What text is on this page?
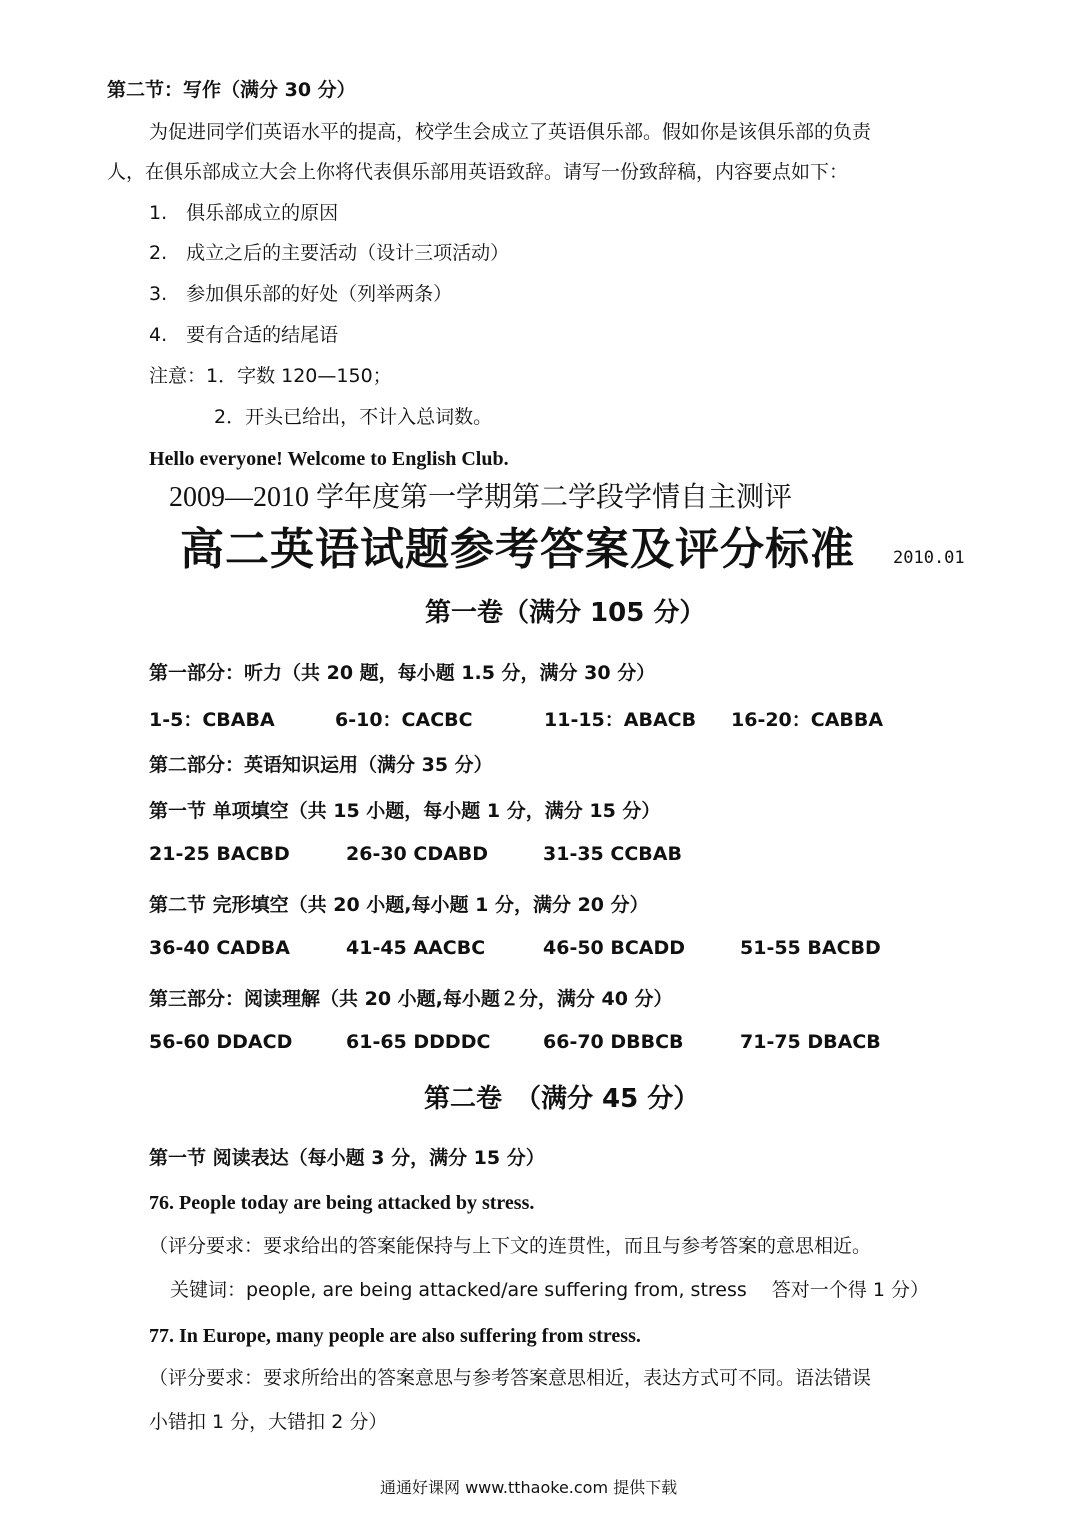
第二节：写作（满分 30 分）
为促进同学们英语水平的提高，校学生会成立了英语俱乐部。假如你是该俱乐部的负责
人，在俱乐部成立大会上你将代表俱乐部用英语致辞。请写一份致辞稿，内容要点如下：
1.　俱乐部成立的原因
2.　成立之后的主要活动（设计三项活动）
3.　参加俱乐部的好处（列举两条）
4.　要有合适的结尾语
注意：1．字数 120—150；
2．开头已给出，不计入总词数。
Hello everyone! Welcome to English Club.
2009—2010 学年度第一学期第二学段学情自主测评
高二英语试题参考答案及评分标准 2010.01
第一卷（满分 105 分）
第一部分：听力（共 20 题，每小题 1.5 分，满分 30 分）
1-5：CBABA	6-10：CACBC	11-15：ABACB 16-20：CABBA
第二部分：英语知识运用（满分 35 分）
第一节 单项填空（共 15 小题，每小题 1 分，满分 15 分）
21-25 BACBD	26-30 CDABD	31-35 CCBAB
第二节 完形填空（共 20 小题,每小题 1 分，满分 20 分）
36-40 CADBA	41-45 AACBC	46-50 BCADD	51-55 BACBD
第三部分：阅读理解（共 20 小题,每小题２分，满分 40 分）
56-60 DDACD	61-65 DDDDC	66-70 DBBCB	71-75 DBACB
第二卷　（满分 45 分）
第一节 阅读表达（每小题 3 分，满分 15 分）
76. People today are being attacked by stress.
（评分要求：要求给出的答案能保持与上下文的连贯性，而且与参考答案的意思相近。
关键词：people, are being attacked/are suffering from, stress　 答对一个得 1 分）
77. In Europe, many people are also suffering from stress.
（评分要求：要求所给出的答案意思与参考答案意思相近，表达方式可不同。语法错误
小错扣 1 分，大错扣 2 分）
通通好课网 www.tthaoke.com 提供下载
